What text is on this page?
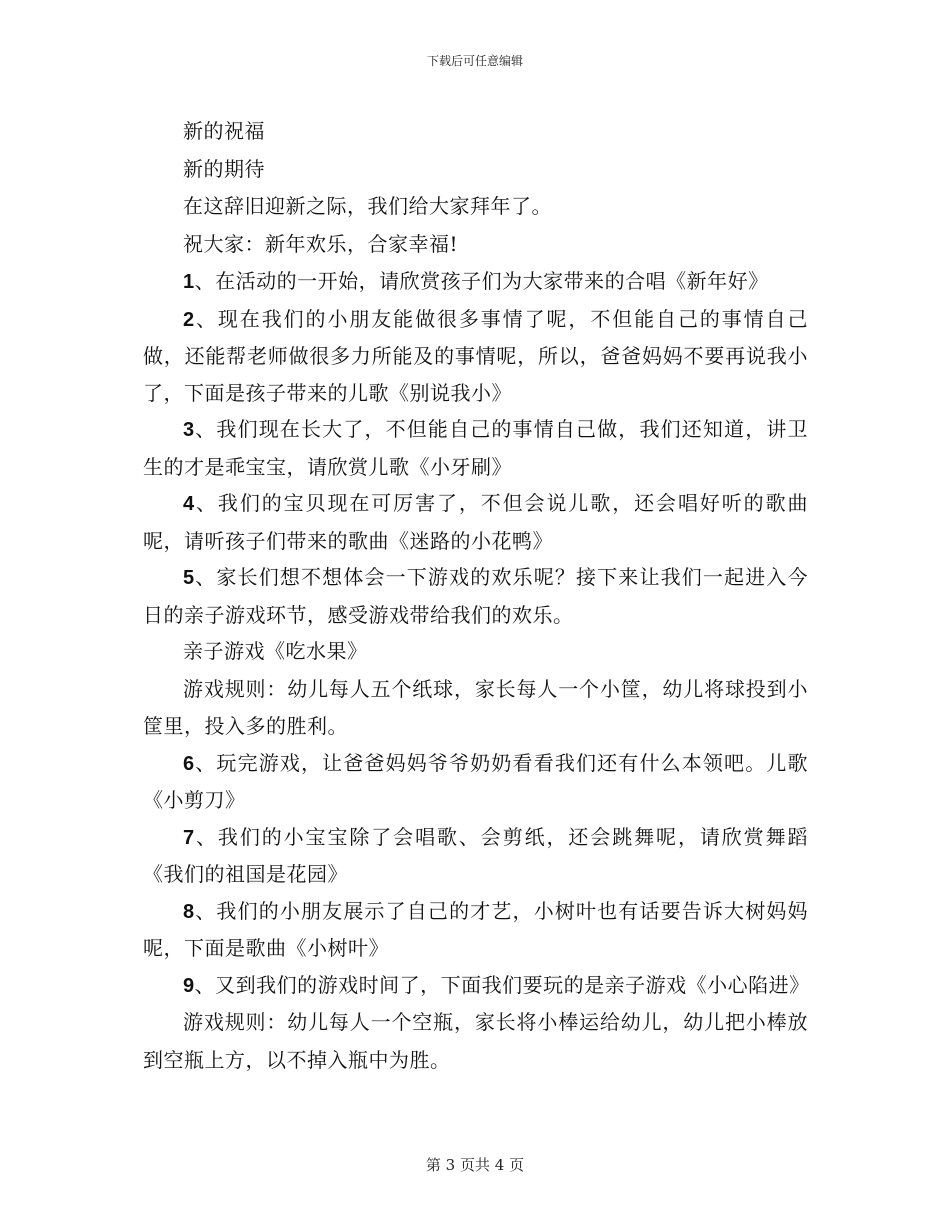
下载后可任意编辑

新的祝福

新的期待

在这辞旧迎新之际，我们给大家拜年了。

祝大家：新年欢乐，合家幸福!

1、在活动的一开始，请欣赏孩子们为大家带来的合唱《新年好》

2、现在我们的小朋友能做很多事情了呢，不但能自己的事情自己做，还能帮老师做很多力所能及的事情呢，所以，爸爸妈妈不要再说我小了，下面是孩子带来的儿歌《别说我小》

3、我们现在长大了，不但能自己的事情自己做，我们还知道，讲卫生的才是乖宝宝，请欣赏儿歌《小牙刷》

4、我们的宝贝现在可厉害了，不但会说儿歌，还会唱好听的歌曲呢，请听孩子们带来的歌曲《迷路的小花鸭》

5、家长们想不想体会一下游戏的欢乐呢？接下来让我们一起进入今日的亲子游戏环节，感受游戏带给我们的欢乐。

亲子游戏《吃水果》

游戏规则：幼儿每人五个纸球，家长每人一个小筐，幼儿将球投到小筐里，投入多的胜利。

6、玩完游戏，让爸爸妈妈爷爷奶奶看看我们还有什么本领吧。儿歌《小剪刀》

7、我们的小宝宝除了会唱歌、会剪纸，还会跳舞呢，请欣赏舞蹈《我们的祖国是花园》

8、我们的小朋友展示了自己的才艺，小树叶也有话要告诉大树妈妈呢，下面是歌曲《小树叶》

9、又到我们的游戏时间了，下面我们要玩的是亲子游戏《小心陷进》

游戏规则：幼儿每人一个空瓶，家长将小棒运给幼儿，幼儿把小棒放到空瓶上方，以不掉入瓶中为胜。

第 3 页共 4 页
